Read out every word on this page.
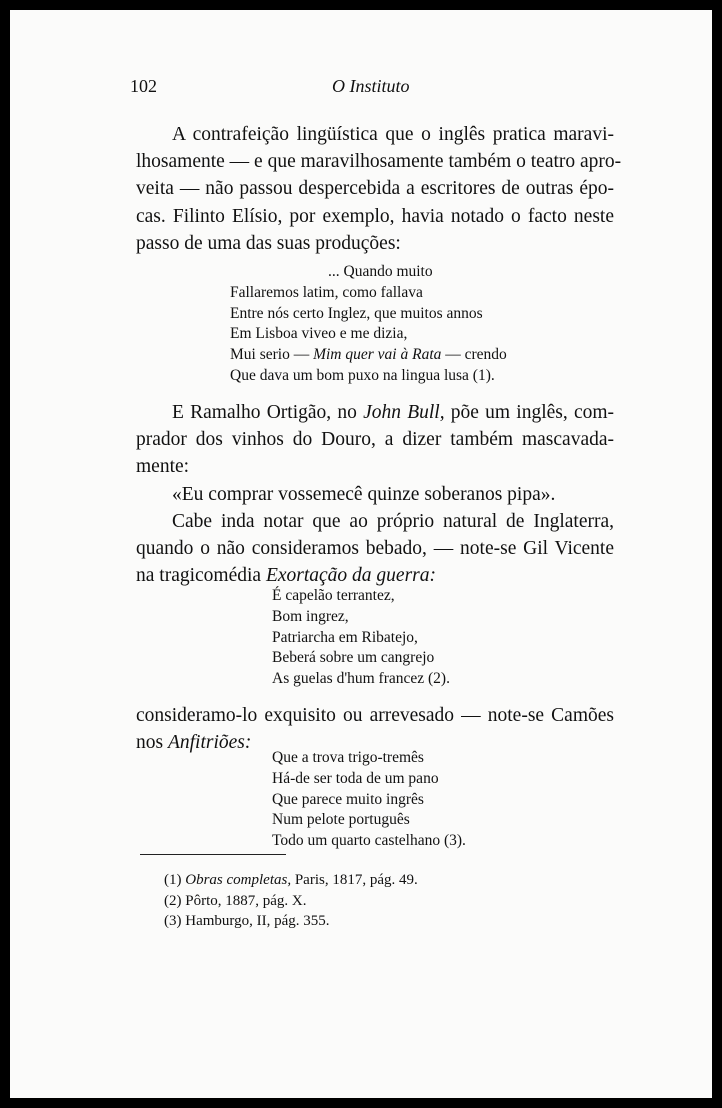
102	O Instituto
A contrafeição lingüística que o inglês pratica maravi-
lhosamente — e que maravilhosamente também o teatro apro-
veita — não passou despercebida a escritores de outras épo-
cas. Filinto Elísio, por exemplo, havia notado o facto neste
passo de uma das suas produções:
... Quando muito
Fallaremos latim, como fallava
Entre nós certo Inglez, que muitos annos
Em Lisboa viveo e me dizia,
Mui serio — Mim quer vai à Rata — crendo
Que dava um bom puxo na lingua lusa (1).
E Ramalho Ortigão, no John Bull, põe um inglês, com-
prador dos vinhos do Douro, a dizer também mascavada-
mente:
«Eu comprar vossemecê quinze soberanos pipa».
Cabe inda notar que ao próprio natural de Inglaterra,
quando o não consideramos bebado, — note-se Gil Vicente
na tragicomédia Exortação da guerra:
É capelão terrantez,
Bom ingrez,
Patriarcha em Ribatejo,
Beberá sobre um cangrejo
As guelas d'hum francez (2).
consideramo-lo exquisito ou arrevesado — note-se Camões
nos Anfitriões:
Que a trova trigo-tremês
Há-de ser toda de um pano
Que parece muito ingrês
Num pelote português
Todo um quarto castelhano (3).
(1) Obras completas, Paris, 1817, pág. 49.
(2) Pôrto, 1887, pág. X.
(3) Hamburgo, II, pág. 355.
